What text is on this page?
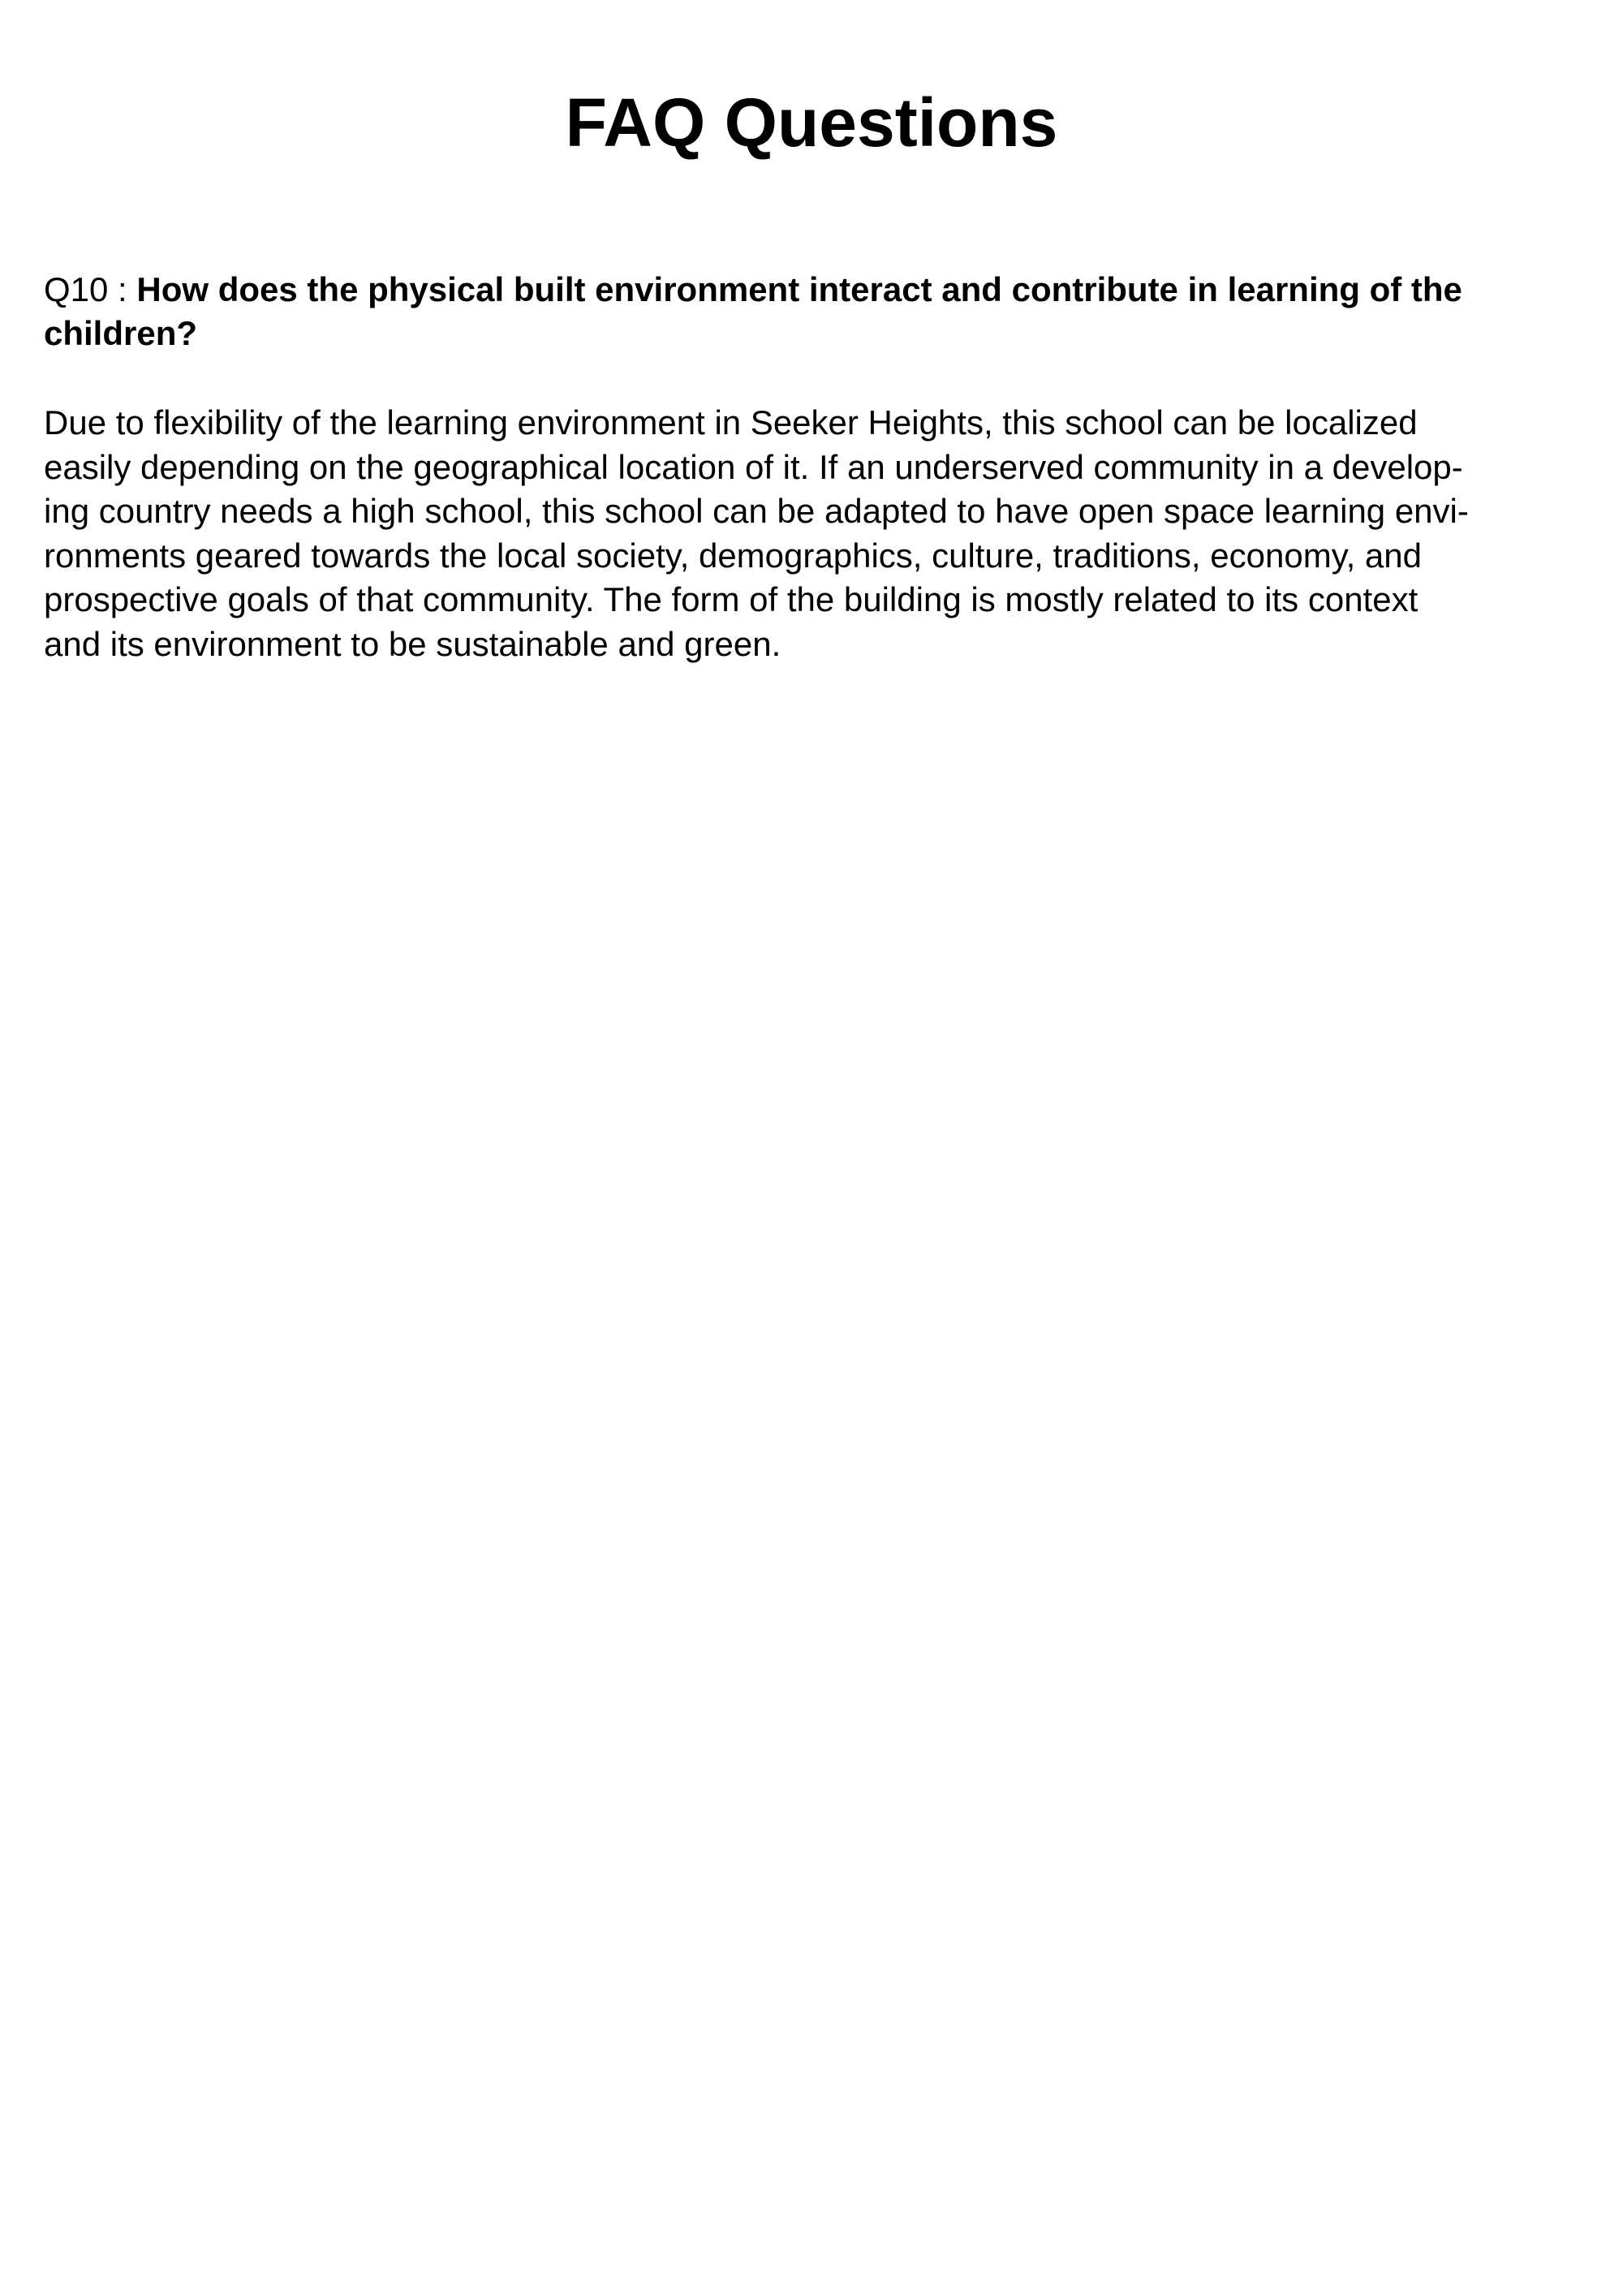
FAQ Questions

Q10 : How does the physical built environment interact and contribute in learning of the children?

Due to flexibility of the learning environment in Seeker Heights, this school can be localized
easily depending on the geographical location of it. If an underserved community in a develop-
ing country needs a high school, this school can be adapted to have open space learning envi-
ronments geared towards the local society, demographics, culture, traditions, economy, and
prospective goals of that community. The form of the building is mostly related to its context
and its environment to be sustainable and green.
